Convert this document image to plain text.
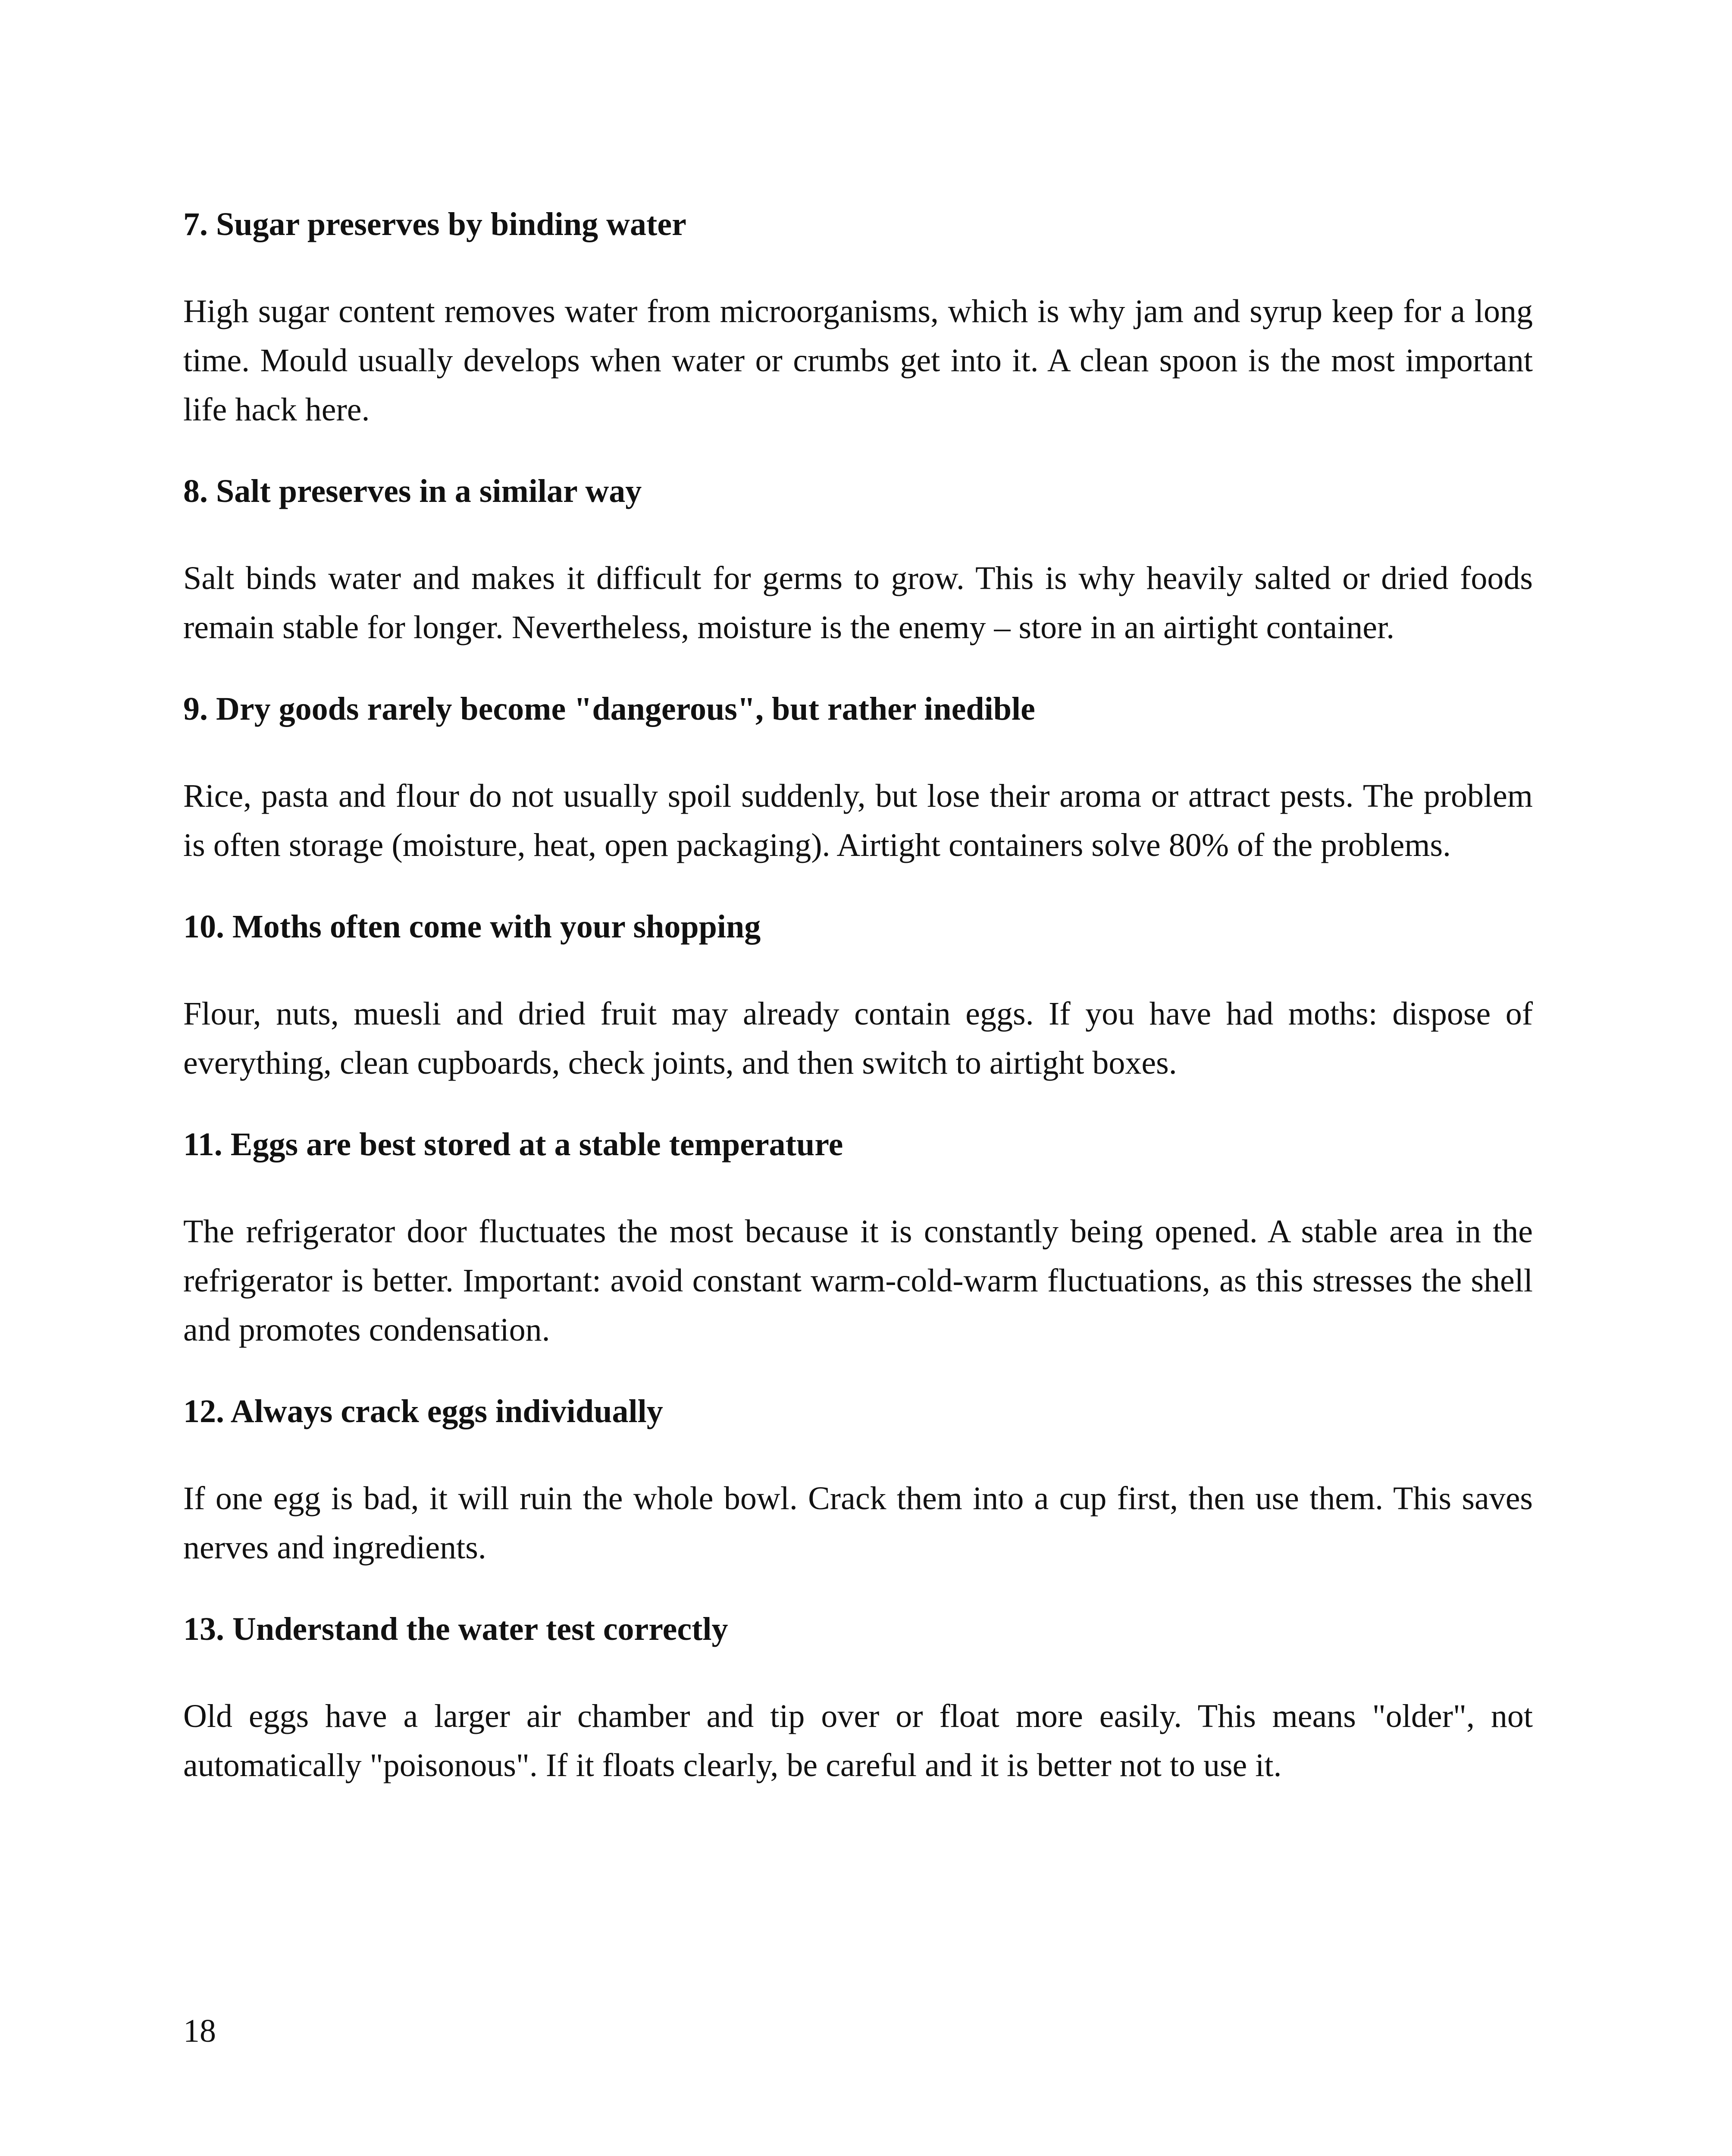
7. Sugar preserves by binding water
High sugar content removes water from microorganisms, which is why jam and syrup keep for a long time. Mould usually develops when water or crumbs get into it. A clean spoon is the most important life hack here.
8. Salt preserves in a similar way
Salt binds water and makes it difficult for germs to grow. This is why heavily salted or dried foods remain stable for longer. Nevertheless, moisture is the enemy – store in an airtight container.
9. Dry goods rarely become "dangerous", but rather inedible
Rice, pasta and flour do not usually spoil suddenly, but lose their aroma or attract pests. The problem is often storage (moisture, heat, open packaging). Airtight containers solve 80% of the problems.
10. Moths often come with your shopping
Flour, nuts, muesli and dried fruit may already contain eggs. If you have had moths: dispose of everything, clean cupboards, check joints, and then switch to airtight boxes.
11. Eggs are best stored at a stable temperature
The refrigerator door fluctuates the most because it is constantly being opened. A stable area in the refrigerator is better. Important: avoid constant warm-cold-warm fluctuations, as this stresses the shell and promotes condensation.
12. Always crack eggs individually
If one egg is bad, it will ruin the whole bowl. Crack them into a cup first, then use them. This saves nerves and ingredients.
13. Understand the water test correctly
Old eggs have a larger air chamber and tip over or float more easily. This means "older", not automatically "poisonous". If it floats clearly, be careful and it is better not to use it.
18
